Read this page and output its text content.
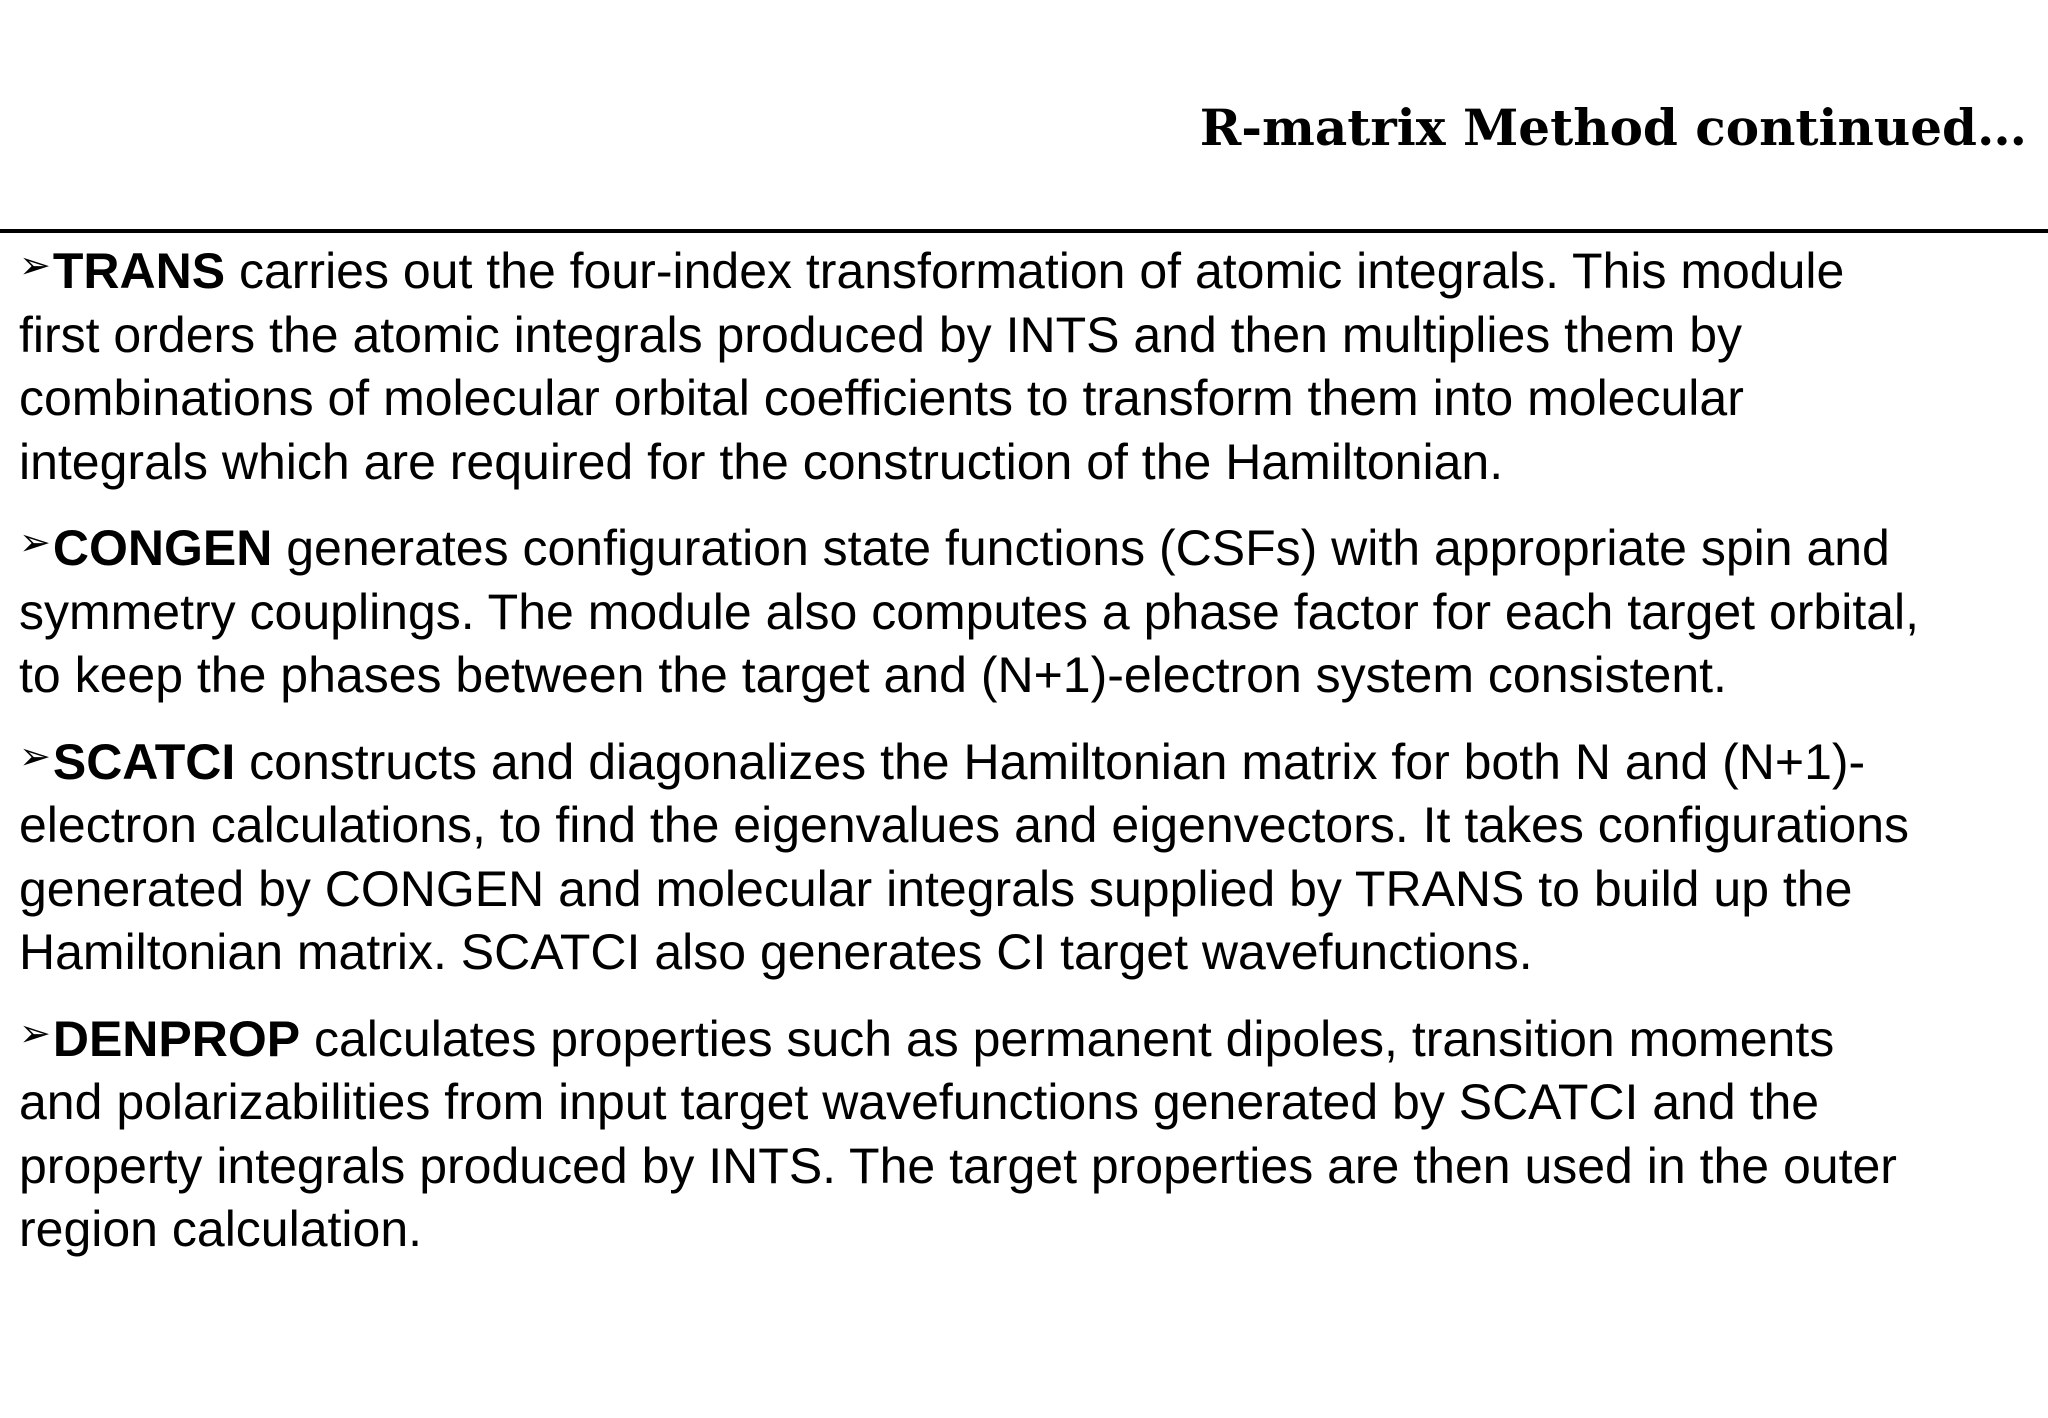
R-matrix Method continued…

➢TRANS carries out the four-index transformation of atomic integrals. This module
first orders the atomic integrals produced by INTS and then multiplies them by
combinations of molecular orbital coefficients to transform them into molecular
integrals which are required for the construction of the Hamiltonian.

➢CONGEN generates configuration state functions (CSFs) with appropriate spin and
symmetry couplings. The module also computes a phase factor for each target orbital,
to keep the phases between the target and (N+1)-electron system consistent.

➢SCATCI constructs and diagonalizes the Hamiltonian matrix for both N and (N+1)-
electron calculations, to find the eigenvalues and eigenvectors. It takes configurations
generated by CONGEN and molecular integrals supplied by TRANS to build up the
Hamiltonian matrix. SCATCI also generates CI target wavefunctions.

➢DENPROP calculates properties such as permanent dipoles, transition moments
and polarizabilities from input target wavefunctions generated by SCATCI and the
property integrals produced by INTS. The target properties are then used in the outer
region calculation.
